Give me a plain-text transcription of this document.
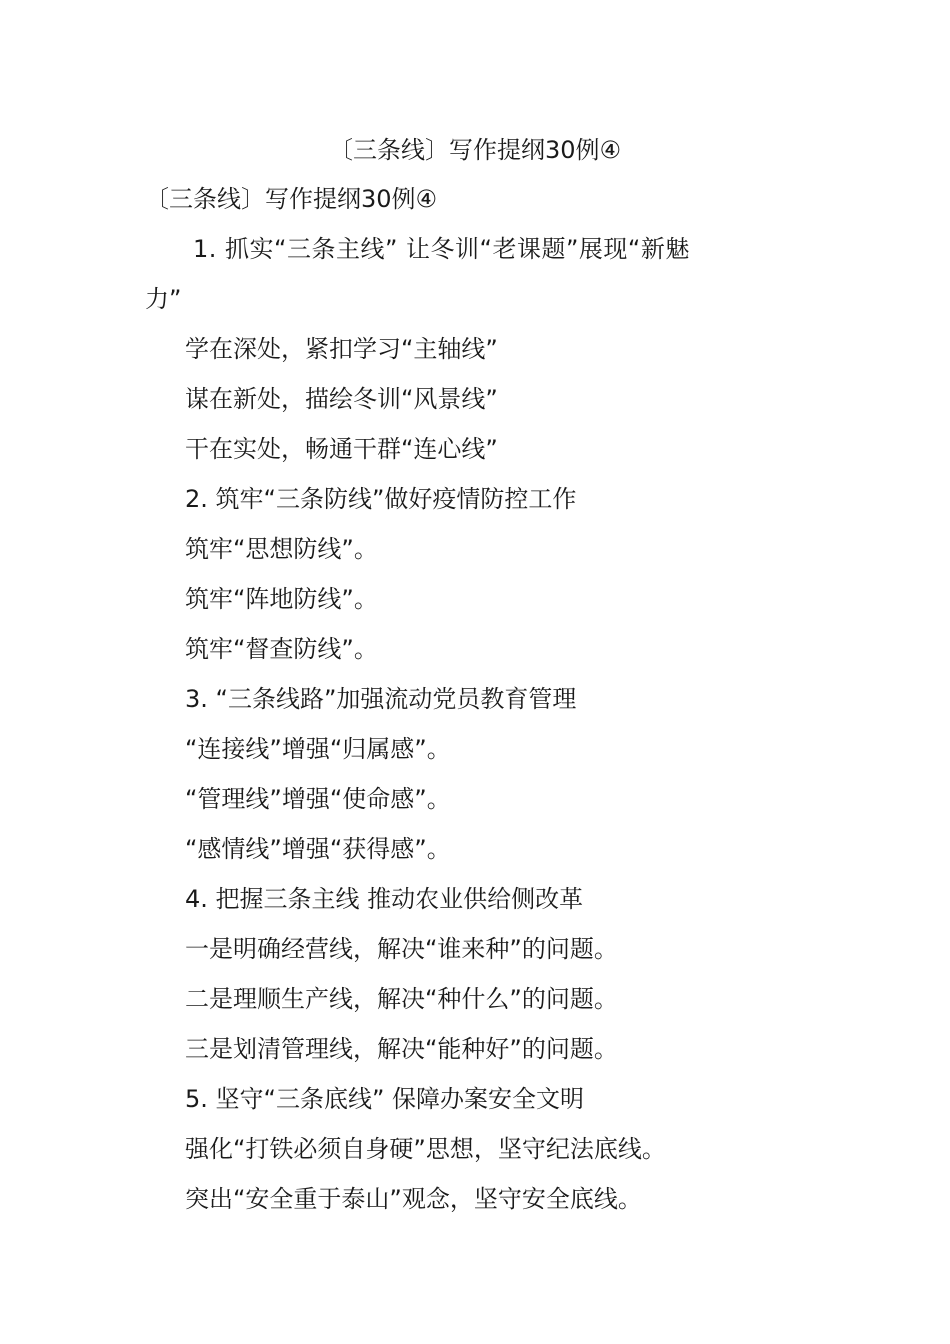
〔三条线〕写作提纲30例④
〔三条线〕写作提纲30例④
1. 抓实“三条主线” 让冬训“老课题”展现“新魅
力”
学在深处，紧扣学习“主轴线”
谋在新处，描绘冬训“风景线”
干在实处，畅通干群“连心线”
2. 筑牢“三条防线”做好疫情防控工作
筑牢“思想防线”。
筑牢“阵地防线”。
筑牢“督查防线”。
3. “三条线路”加强流动党员教育管理
“连接线”增强“归属感”。
“管理线”增强“使命感”。
“感情线”增强“获得感”。
4. 把握三条主线 推动农业供给侧改革
一是明确经营线，解决“谁来种”的问题。
二是理顺生产线，解决“种什么”的问题。
三是划清管理线，解决“能种好”的问题。
5. 坚守“三条底线” 保障办案安全文明
强化“打铁必须自身硬”思想，坚守纪法底线。
突出“安全重于泰山”观念，坚守安全底线。
